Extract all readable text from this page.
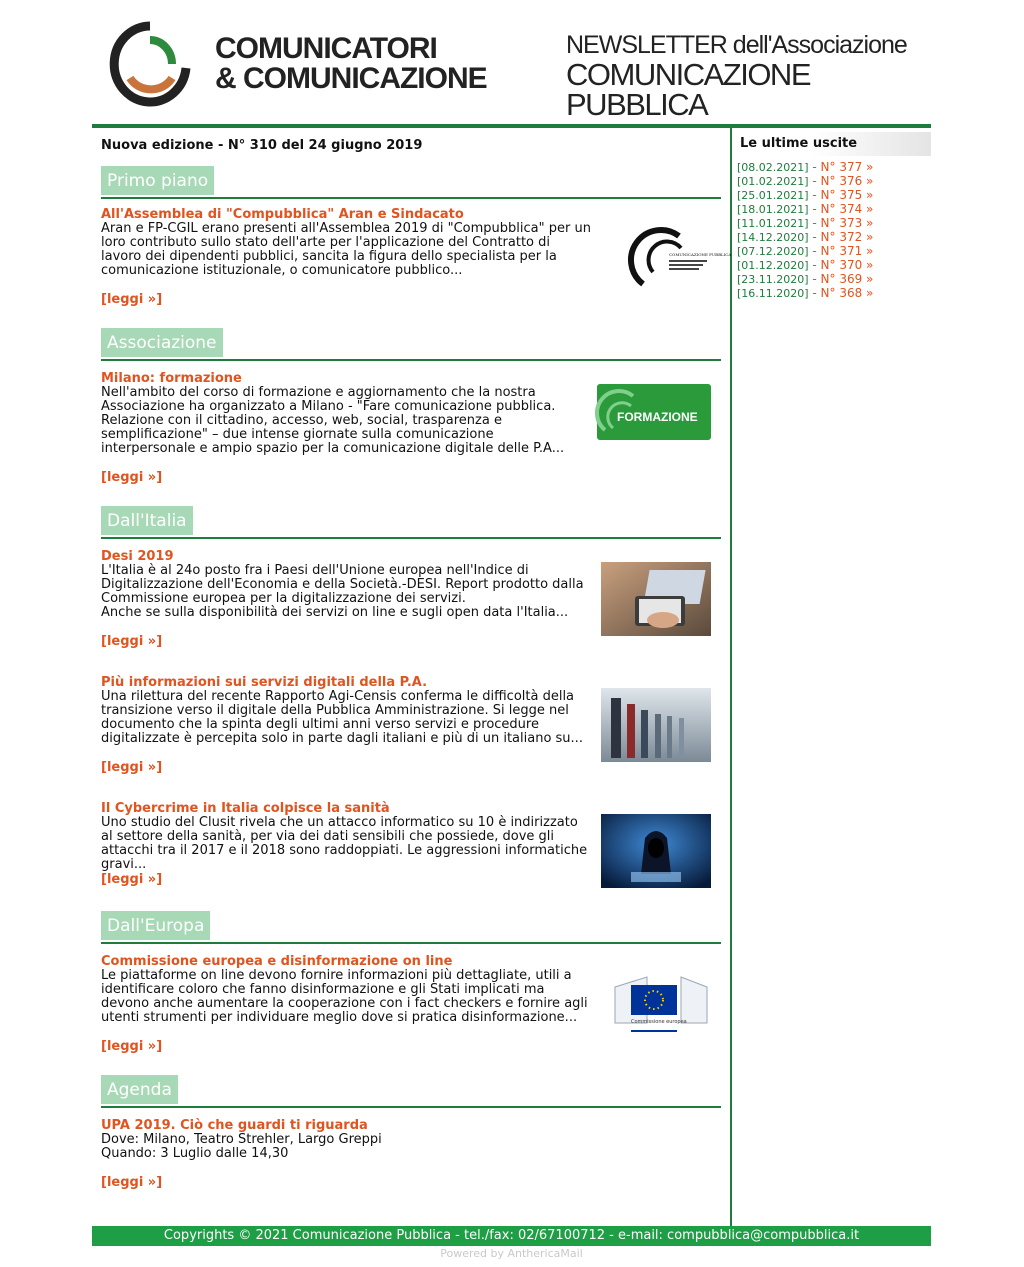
COMUNICATORI
& COMUNICAZIONE
NEWSLETTER dell'Associazione
COMUNICAZIONE PUBBLICA
Nuova edizione - N° 310 del 24 giugno 2019
Primo piano
All'Assemblea di "Compubblica" Aran e Sindacato
Aran e FP-CGIL erano presenti all'Assemblea 2019 di "Compubblica" per un loro contributo sullo stato dell'arte per l'applicazione del Contratto di lavoro dei dipendenti pubblici, sancita la figura dello specialista per la comunicazione istituzionale, o comunicatore pubblico...
[leggi »]
COMUNICAZIONE PUBBLICA
Associazione
Milano: formazione
Nell'ambito del corso di formazione e aggiornamento che la nostra Associazione ha organizzato a Milano - "Fare comunicazione pubblica. Relazione con il cittadino, accesso, web, social, trasparenza e semplificazione" – due intense giornate sulla comunicazione interpersonale e ampio spazio per la comunicazione digitale delle P.A...
[leggi »]
FORMAZIONE
Dall'Italia
Desi 2019
L'Italia è al 24o posto fra i Paesi dell'Unione europea nell'Indice di Digitalizzazione dell'Economia e della Società.-DESI. Report prodotto dalla Commissione europea per la digitalizzazione dei servizi.
Anche se sulla disponibilità dei servizi on line e sugli open data l'Italia...
[leggi »]
Più informazioni sui servizi digitali della P.A.
Una rilettura del recente Rapporto Agi-Censis conferma le difficoltà della transizione verso il digitale della Pubblica Amministrazione. Si legge nel documento che la spinta degli ultimi anni verso servizi e procedure digitalizzate è percepita solo in parte dagli italiani e più di un italiano su...
[leggi »]
Il Cybercrime in Italia colpisce la sanità
Uno studio del Clusit rivela che un attacco informatico su 10 è indirizzato al settore della sanità, per via dei dati sensibili che possiede, dove gli attacchi tra il 2017 e il 2018 sono raddoppiati. Le aggressioni informatiche gravi...
[leggi »]
Dall'Europa
Commissione europea e disinformazione on line
Le piattaforme on line devono fornire informazioni più dettagliate, utili a identificare coloro che fanno disinformazione e gli Stati implicati ma devono anche aumentare la cooperazione con i fact checkers e fornire agli utenti strumenti per individuare meglio dove si pratica disinformazione...
[leggi »]
Commissione europea
Agenda
UPA 2019. Ciò che guardi ti riguarda
Dove: Milano, Teatro Strehler, Largo Greppi
Quando: 3 Luglio dalle 14,30
[leggi »]
Le ultime uscite
[08.02.2021] - N° 377 »
[01.02.2021] - N° 376 »
[25.01.2021] - N° 375 »
[18.01.2021] - N° 374 »
[11.01.2021] - N° 373 »
[14.12.2020] - N° 372 »
[07.12.2020] - N° 371 »
[01.12.2020] - N° 370 »
[23.11.2020] - N° 369 »
[16.11.2020] - N° 368 »
Copyrights © 2021 Comunicazione Pubblica - tel./fax: 02/67100712 - e-mail: compubblica@compubblica.it
Powered by AnthericaMail
